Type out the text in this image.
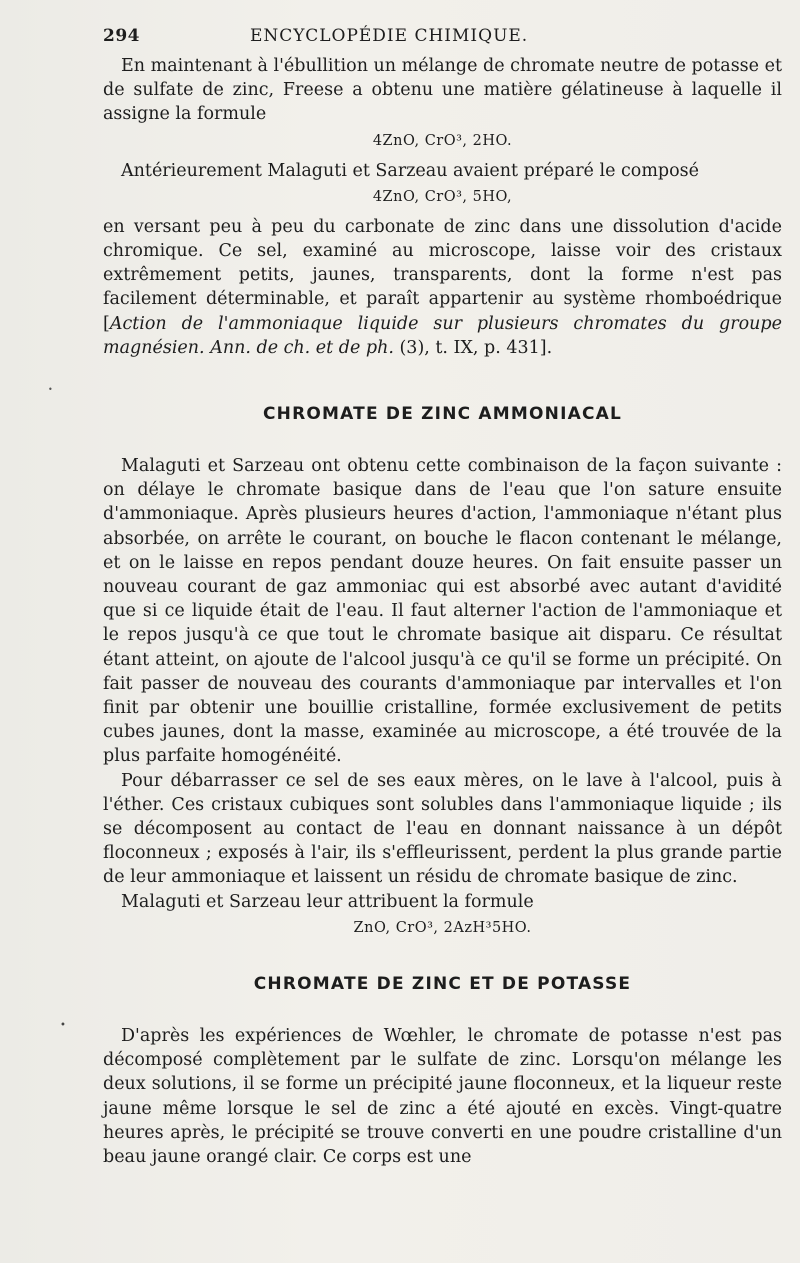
294	ENCYCLOPÉDIE CHIMIQUE.

En maintenant à l'ébullition un mélange de chromate neutre de potasse et de sulfate de zinc, Freese a obtenu une matière gélatineuse à laquelle il assigne la formule

4ZnO, CrO³, 2HO.

Antérieurement Malaguti et Sarzeau avaient préparé le composé

4ZnO, CrO³, 5HO,

en versant peu à peu du carbonate de zinc dans une dissolution d'acide chromique. Ce sel, examiné au microscope, laisse voir des cristaux extrêmement petits, jaunes, transparents, dont la forme n'est pas facilement déterminable, et paraît appartenir au système rhomboédrique [Action de l'ammoniaque liquide sur plusieurs chromates du groupe magnésien. Ann. de ch. et de ph. (3), t. IX, p. 431].

CHROMATE DE ZINC AMMONIACAL

Malaguti et Sarzeau ont obtenu cette combinaison de la façon suivante : on délaye le chromate basique dans de l'eau que l'on sature ensuite d'ammoniaque. Après plusieurs heures d'action, l'ammoniaque n'étant plus absorbée, on arrête le courant, on bouche le flacon contenant le mélange, et on le laisse en repos pendant douze heures. On fait ensuite passer un nouveau courant de gaz ammoniac qui est absorbé avec autant d'avidité que si ce liquide était de l'eau. Il faut alterner l'action de l'ammoniaque et le repos jusqu'à ce que tout le chromate basique ait disparu. Ce résultat étant atteint, on ajoute de l'alcool jusqu'à ce qu'il se forme un précipité. On fait passer de nouveau des courants d'ammoniaque par intervalles et l'on finit par obtenir une bouillie cristalline, formée exclusivement de petits cubes jaunes, dont la masse, examinée au microscope, a été trouvée de la plus parfaite homogénéité.

Pour débarrasser ce sel de ses eaux mères, on le lave à l'alcool, puis à l'éther. Ces cristaux cubiques sont solubles dans l'ammoniaque liquide ; ils se décomposent au contact de l'eau en donnant naissance à un dépôt floconneux ; exposés à l'air, ils s'effleurissent, perdent la plus grande partie de leur ammoniaque et laissent un résidu de chromate basique de zinc.

Malaguti et Sarzeau leur attribuent la formule

ZnO, CrO³, 2AzH³5HO.
CHROMATE DE ZINC ET DE POTASSE

D'après les expériences de Wœhler, le chromate de potasse n'est pas décomposé complètement par le sulfate de zinc. Lorsqu'on mélange les deux solutions, il se forme un précipité jaune floconneux, et la liqueur reste jaune même lorsque le sel de zinc a été ajouté en excès. Vingt-quatre heures après, le précipité se trouve converti en une poudre cristalline d'un beau jaune orangé clair. Ce corps est une

•
•
